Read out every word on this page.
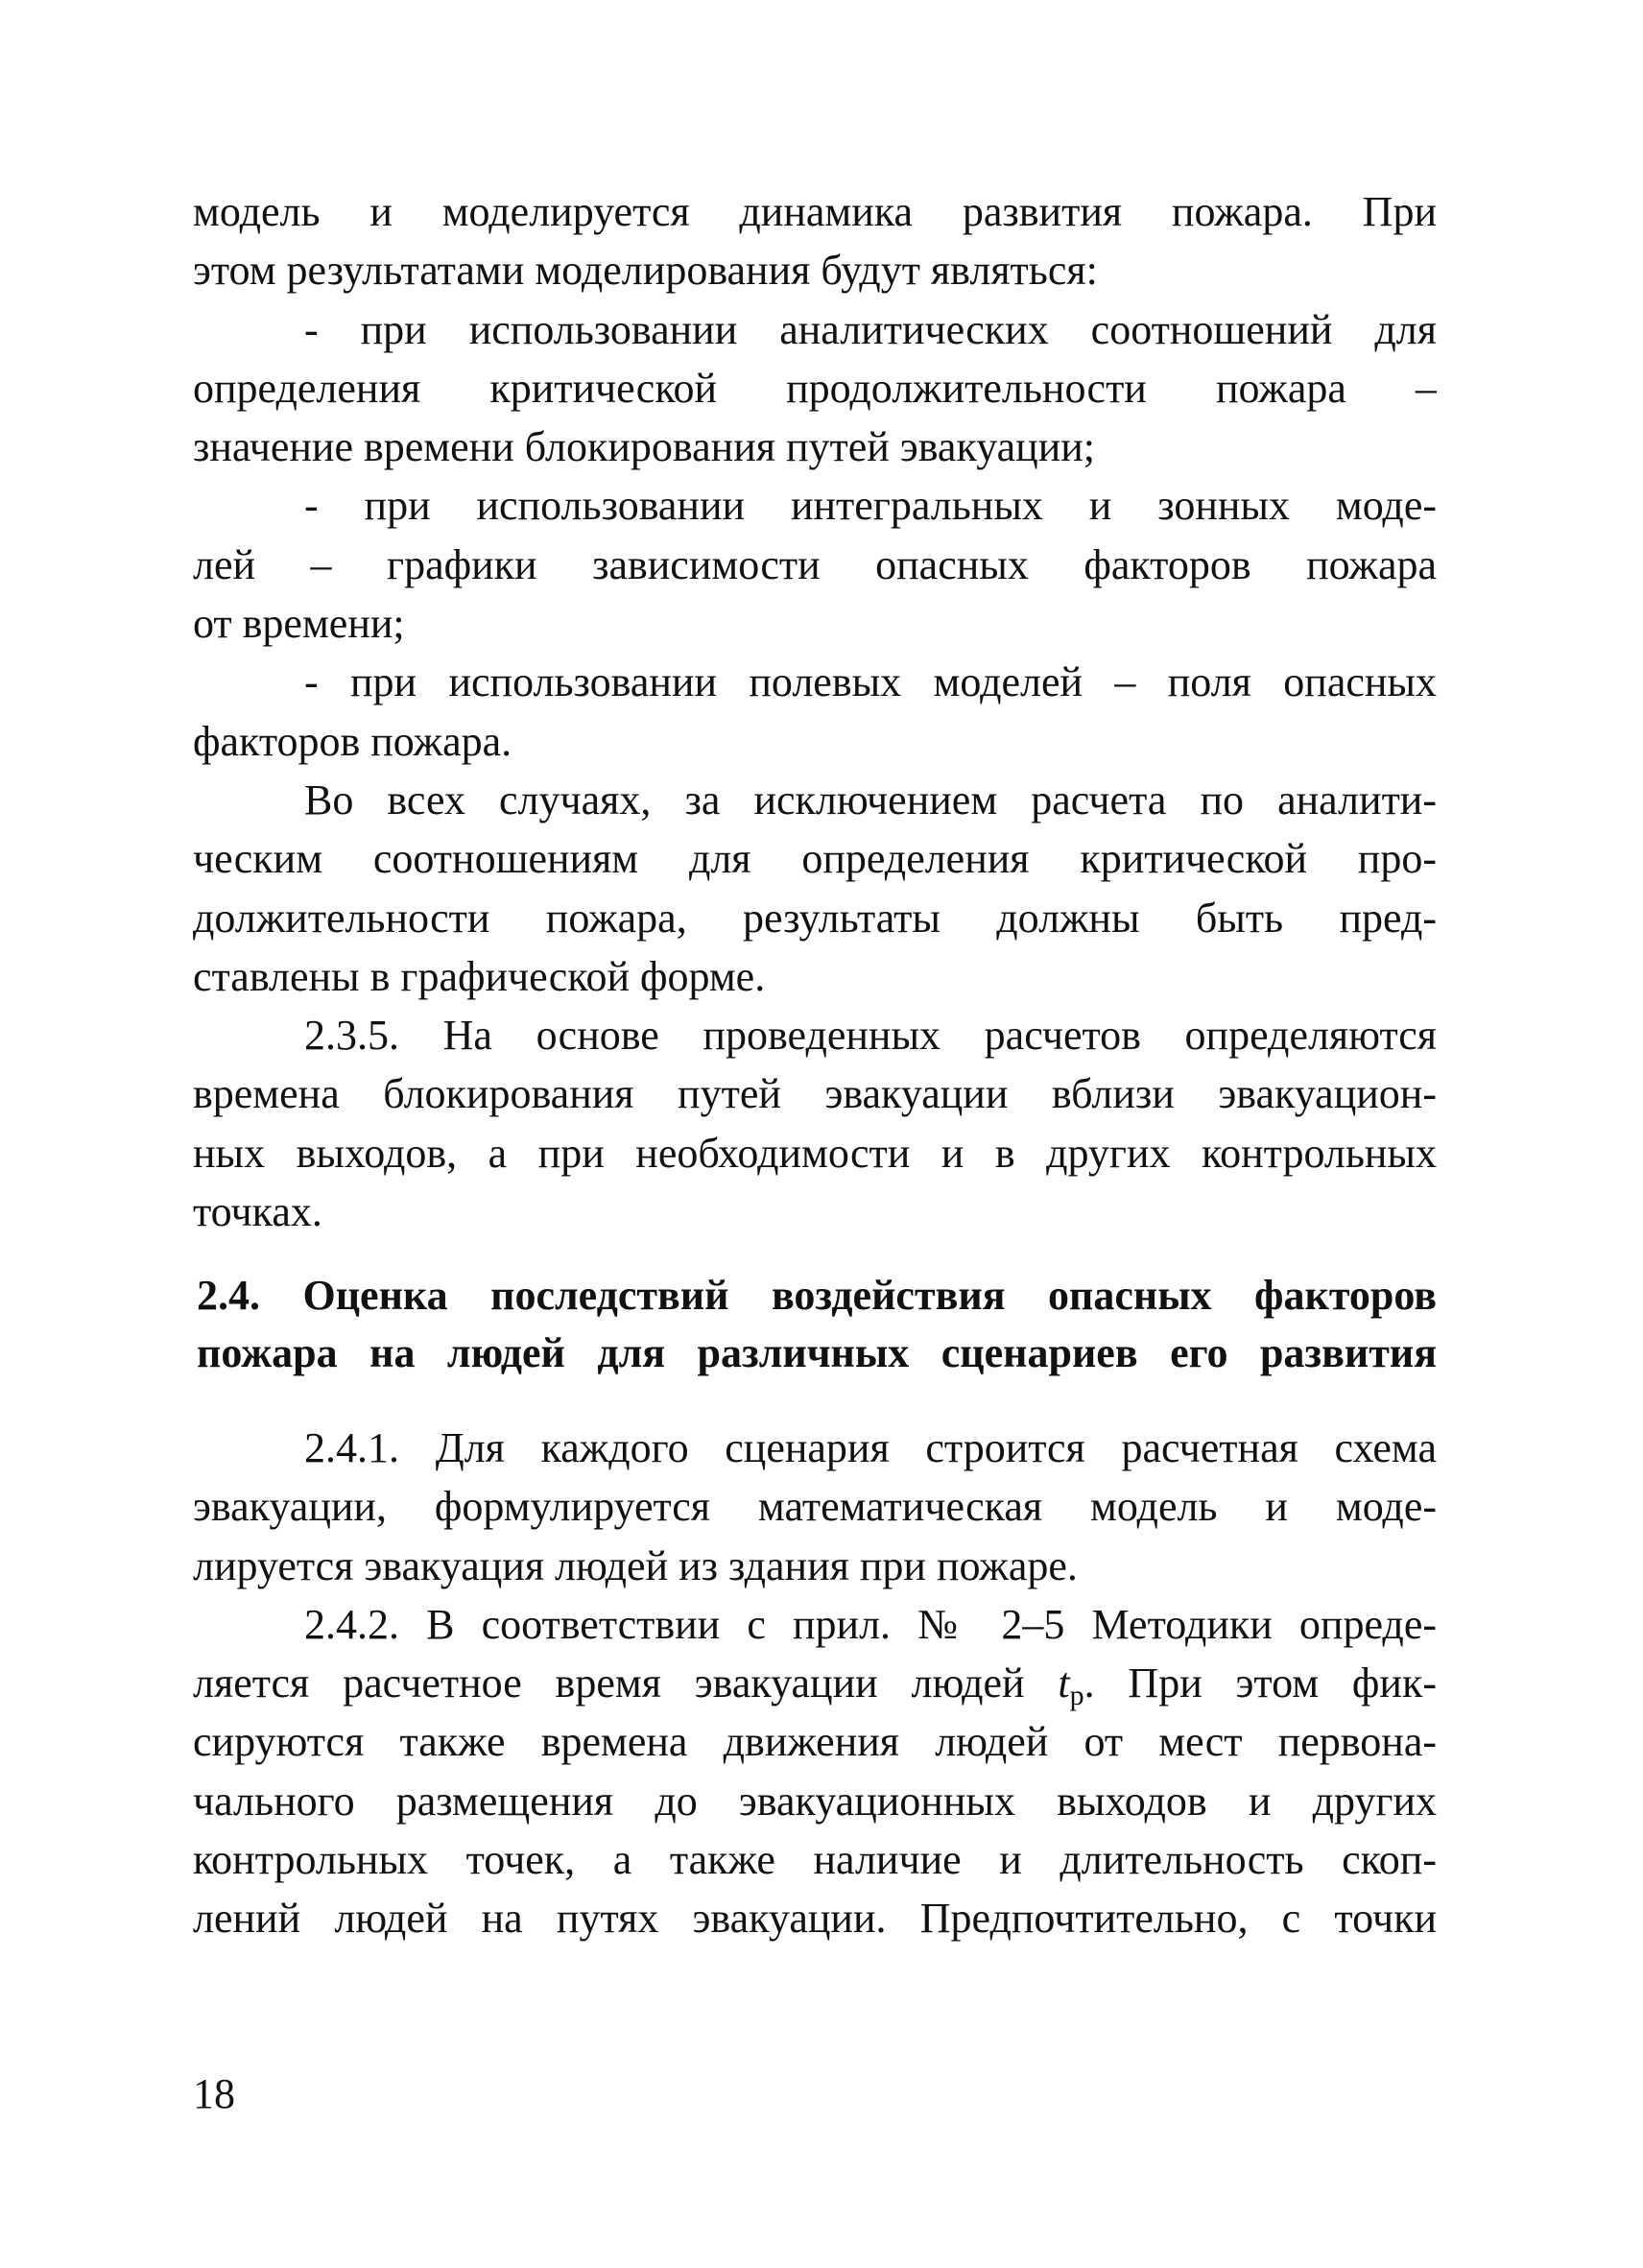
модель и моделируется динамика развития пожара. При
этом результатами моделирования будут являться:
- при использовании аналитических соотношений для
определения критической продолжительности пожара –
значение времени блокирования путей эвакуации;
- при использовании интегральных и зонных моде-
лей – графики зависимости опасных факторов пожара
от времени;
- при использовании полевых моделей – поля опасных
факторов пожара.
Во всех случаях, за исключением расчета по аналити-
ческим соотношениям для определения критической про-
должительности пожара, результаты должны быть пред-
ставлены в графической форме.
2.3.5. На основе проведенных расчетов определяются
времена блокирования путей эвакуации вблизи эвакуацион-
ных выходов, а при необходимости и в других контрольных
точках.
2.4. Оценка последствий воздействия опасных факторов
пожара на людей для различных сценариев его развития
2.4.1. Для каждого сценария строится расчетная схема
эвакуации, формулируется математическая модель и моде-
лируется эвакуация людей из здания при пожаре.
2.4.2. В соответствии с прил. № 2–5 Методики опреде-
ляется расчетное время эвакуации людей $t_р$. При этом фик-
сируются также времена движения людей от мест первона-
чального размещения до эвакуационных выходов и других
контрольных точек, а также наличие и длительность скоп-
лений людей на путях эвакуации. Предпочтительно, с точки
18
